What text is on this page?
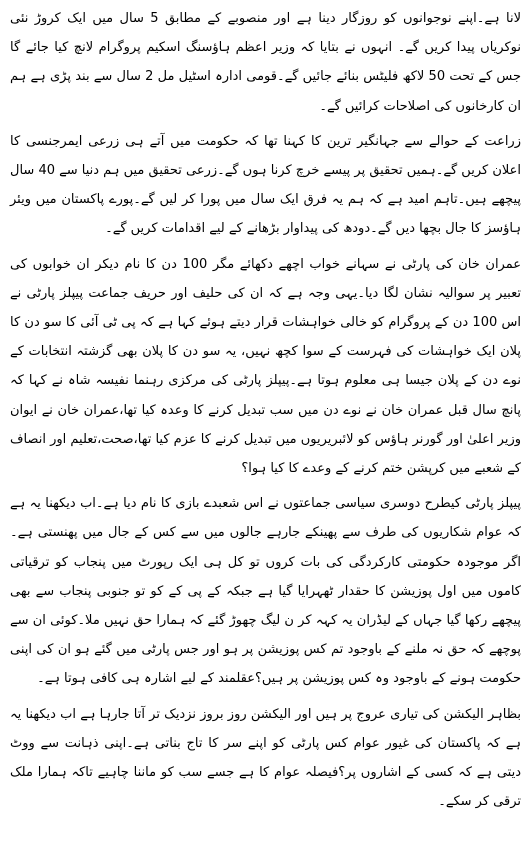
لانا ہے۔اپنے نوجوانوں کو روزگار دینا ہے اور منصوبے کے مطابق 5 سال میں ایک کروڑ نئی نوکریاں پیدا کریں گے۔ انہوں نے بتایا کہ وزیر اعظم ہاؤسنگ اسکیم پروگرام لانچ کیا جائے گا جس کے تحت 50 لاکھ فلیٹس بنائے جائیں گے۔قومی ادارہ اسٹیل مل 2 سال سے بند پڑی ہے ہم ان کارخانوں کی اصلاحات کرائیں گے۔

زراعت کے حوالے سے جہانگیر ترین کا کہنا تھا کہ حکومت میں آتے ہی زرعی ایمرجنسی کا اعلان کریں گے۔ہمیں تحقیق پر پیسے خرچ کرنا ہوں گے۔زرعی تحقیق میں ہم دنیا سے 40 سال پیچھے ہیں۔تاہم امید ہے کہ ہم یہ فرق ایک سال میں پورا کر لیں گے۔پورے پاکستان میں ویئر ہاؤسز کا جال بچھا دیں گے۔دودھ کی پیداوار بڑھانے کے لیے اقدامات کریں گے۔

عمران خان کی پارٹی نے سہانے خواب اچھے دکھائے مگر 100 دن کا نام دیکر ان خوابوں کی تعبیر پر سوالیہ نشان لگا دیا۔یہی وجہ ہے کہ ان کی حلیف اور حریف جماعت پیپلز پارٹی نے اس 100 دن کے پروگرام کو خالی خواہشات قرار دیتے ہوئے کہا ہے کہ پی ٹی آئی کا سو دن کا پلان ایک خواہشات کی فہرست کے سوا کچھ نہیں، یہ سو دن کا پلان بھی گزشتہ انتخابات کے نوے دن کے پلان جیسا ہی معلوم ہوتا ہے۔پیپلز پارٹی کی مرکزی رہنما نفیسہ شاہ نے کہا کہ پانچ سال قبل عمران خان نے نوے دن میں سب تبدیل کرنے کا وعدہ کیا تھا،عمران خان نے ایوان وزیر اعلیٰ اور گورنر ہاؤس کو لائبریریوں میں تبدیل کرنے کا عزم کیا تھا،صحت،تعلیم اور انصاف کے شعبے میں کرپشن ختم کرنے کے وعدے کا کیا ہوا؟

پیپلز پارٹی کیطرح دوسری سیاسی جماعتوں نے اس شعبدے بازی کا نام دیا ہے۔اب دیکھنا یہ ہے کہ عوام شکاریوں کی طرف سے پھینکے جارہے جالوں میں سے کس کے جال میں پھنستی ہے۔اگر موجودہ حکومتی کارکردگی کی بات کروں تو کل ہی ایک رپورٹ میں پنجاب کو ترقیاتی کاموں میں اول پوزیشن کا حقدار ٹھہرایا گیا ہے جبکہ کے پی کے کو تو جنوبی پنجاب سے بھی پیچھے رکھا گیا جہاں کے لیڈران یہ کہہ کر ن لیگ چھوڑ گئے کہ ہمارا حق نہیں ملا۔کوئی ان سے پوچھے کہ حق نہ ملنے کے باوجود تم کس پوزیشن پر ہو اور جس پارٹی میں گئے ہو ان کی اپنی حکومت ہونے کے باوجود وہ کس پوزیشن پر ہیں؟عقلمند کے لیے اشارہ ہی کافی ہوتا ہے۔

بظاہر الیکشن کی تیاری عروج پر ہیں اور الیکشن روز بروز نزدیک تر آتا جارہا ہے اب دیکھنا یہ ہے کہ پاکستان کی غیور عوام کس پارٹی کو اپنے سر کا تاج بناتی ہے۔اپنی ذہانت سے ووٹ دیتی ہے کہ کسی کے اشاروں پر؟فیصلہ عوام کا ہے جسے سب کو ماننا چاہیے تاکہ ہمارا ملک ترقی کر سکے۔
